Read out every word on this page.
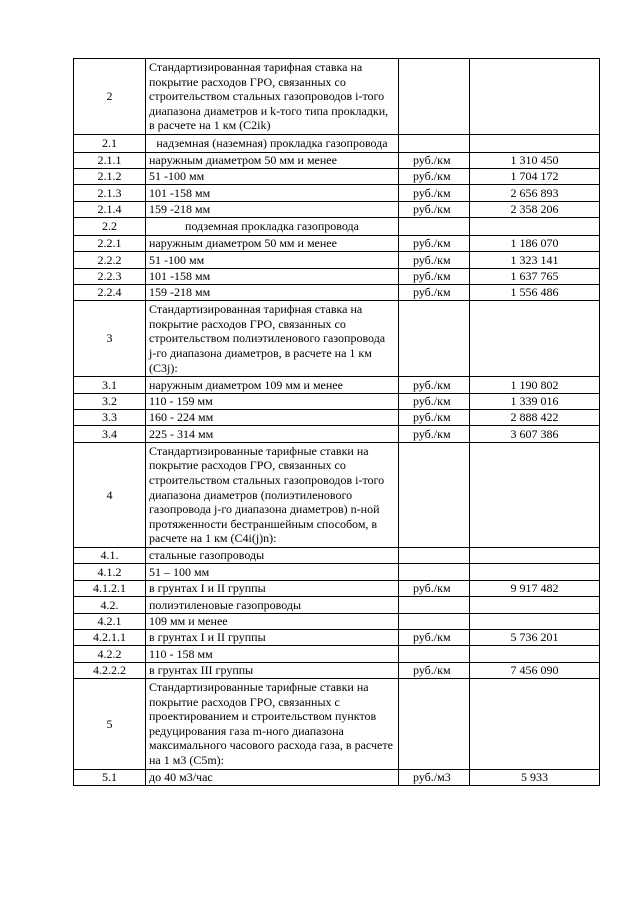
2	Стандартизированная тарифная ставка на покрытие расходов ГРО, связанных со строительством стальных газопроводов i-того диапазона диаметров и k-того типа прокладки, в расчете на 1 км (С2ik)		
2.1	надземная (наземная) прокладка газопровода		
2.1.1	наружным диаметром 50 мм и менее	руб./км	1 310 450
2.1.2	51 -100 мм	руб./км	1 704 172
2.1.3	101 -158 мм	руб./км	2 656 893
2.1.4	159 -218 мм	руб./км	2 358 206
2.2	подземная прокладка газопровода		
2.2.1	наружным диаметром 50 мм и менее	руб./км	1 186 070
2.2.2	51 -100 мм	руб./км	1 323 141
2.2.3	101 -158 мм	руб./км	1 637 765
2.2.4	159 -218 мм	руб./км	1 556 486
3	Стандартизированная тарифная ставка на покрытие расходов ГРО, связанных со строительством полиэтиленового газопровода j-го диапазона диаметров, в расчете на 1 км (С3j):		
3.1	наружным диаметром 109 мм и менее	руб./км	1 190 802
3.2	110 - 159 мм	руб./км	1 339 016
3.3	160 - 224 мм	руб./км	2 888 422
3.4	225 - 314 мм	руб./км	3 607 386
4	Стандартизированные тарифные ставки на покрытие расходов ГРО, связанных со строительством стальных газопроводов i-того диапазона диаметров (полиэтиленового газопровода j-го диапазона диаметров) n-ной протяженности бестраншейным способом, в расчете на 1 км (С4i(j)n):		
4.1.	стальные газопроводы		
4.1.2	51 – 100 мм		
4.1.2.1	в грунтах I и II группы	руб./км	9 917 482
4.2.	полиэтиленовые газопроводы		
4.2.1	109 мм и менее		
4.2.1.1	в грунтах I и II группы	руб./км	5 736 201
4.2.2	110 - 158 мм		
4.2.2.2	в грунтах III группы	руб./км	7 456 090
5	Стандартизированные тарифные ставки на покрытие расходов ГРО, связанных с проектированием и строительством пунктов редуцирования газа m-ного диапазона максимального часового расхода газа, в расчете на 1 м3 (С5m):		
5.1	до 40 м3/час	руб./м3	5 933
